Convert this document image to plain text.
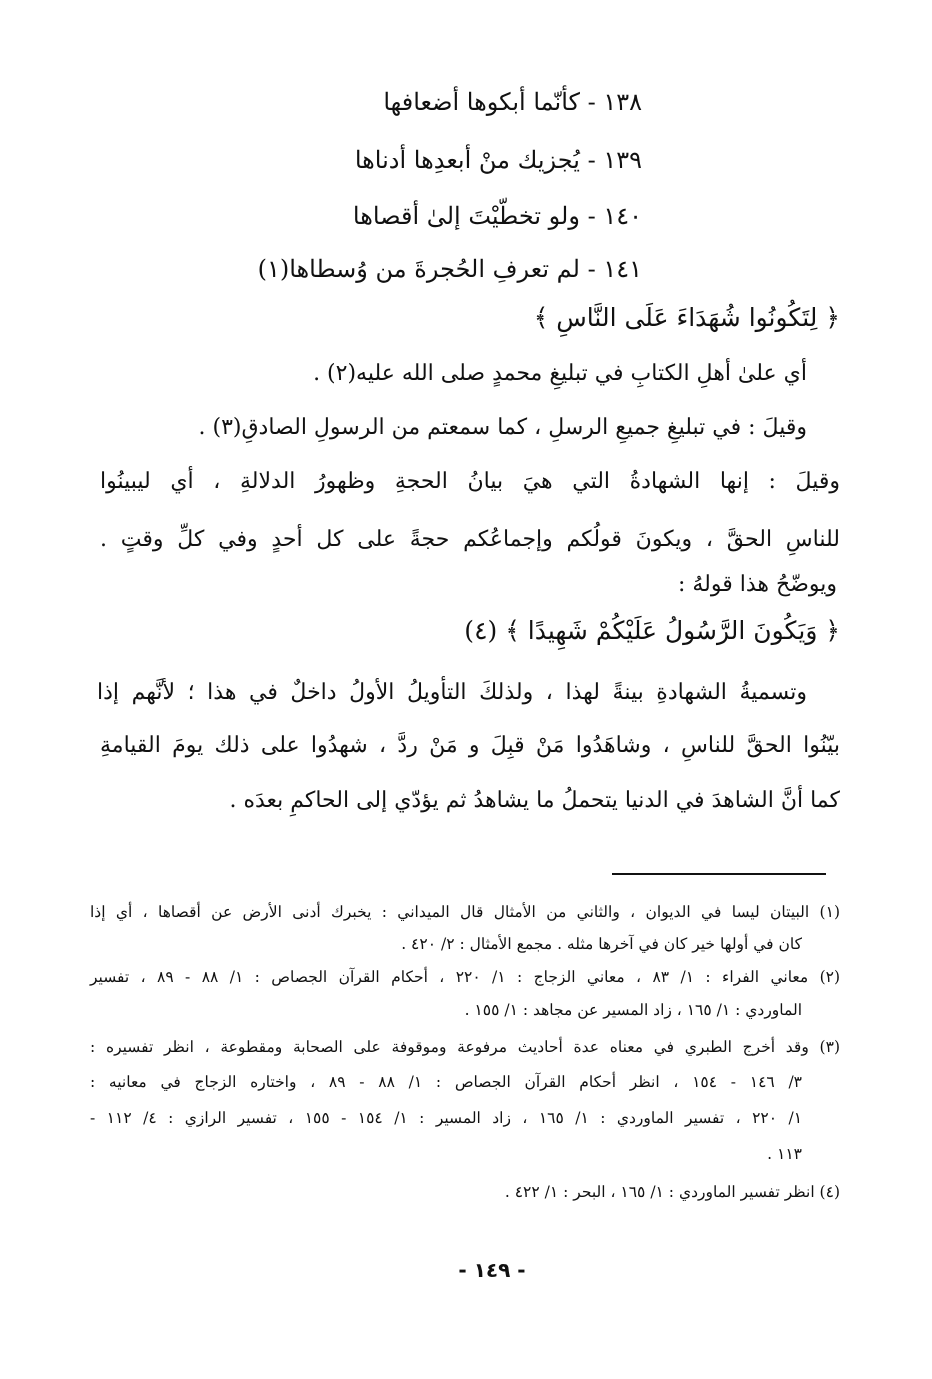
١٣٨ - كأنّما أبكوها أضعافها
١٣٩ - يُجزيك منْ أبعدِها أدناها
١٤٠ - ولو تخطّيْتَ إلىٰ أقصاها
١٤١ - لم تعرفِ الحُجرةَ من وُسطاها(١)
﴿ لِتَكُونُوا شُهَدَاءَ عَلَى النَّاسِ ﴾
أي علىٰ أهلِ الكتابِ في تبليغِ محمدٍ صلى الله عليه(٢) .
وقيلَ : في تبليغِ جميعِ الرسلِ ، كما سمعتم من الرسولِ الصادقِ(٣) .
وقيلَ : إنها الشهادةُ التي هيَ بيانُ الحجةِ وظهورُ الدلالةِ ، أي ليبينُوا
للناسِ الحقَّ ، ويكونَ قولُكم وإجماعُكم حجةً على كل أحدٍ وفي كلِّ وقتٍ .
ويوضّحُ هذا قولهُ :
﴿ وَيَكُونَ الرَّسُولُ عَلَيْكُمْ شَهِيدًا ﴾ (٤)
وتسميةُ الشهادةِ بينةً لهذا ، ولذلكَ التأويلُ الأولُ داخلٌ في هذا ؛ لأنَّهم إذا
بيّنُوا الحقَّ للناسِ ، وشاهَدُوا مَنْ قبِلَ و مَنْ ردَّ ، شهدُوا على ذلك يومَ القيامةِ
كما أنَّ الشاهدَ في الدنيا يتحملُ ما يشاهدُ ثم يؤدّي إلى الحاكمِ بعدَه .
(١) البيتان ليسا في الديوان ، والثاني من الأمثال قال الميداني : يخبرك أدنى الأرض عن أقصاها ، أي إذا
كان في أولها خير كان في آخرها مثله . مجمع الأمثال : ٢/ ٤٢٠ .
(٢) معاني الفراء : ١/ ٨٣ ، معاني الزجاج : ١/ ٢٢٠ ، أحكام القرآن الجصاص : ١/ ٨٨ - ٨٩ ، تفسير
الماوردي : ١/ ١٦٥ ، زاد المسير عن مجاهد : ١/ ١٥٥ .
(٣) وقد أخرج الطبري في معناه عدة أحاديث مرفوعة وموقوفة على الصحابة ومقطوعة ، انظر تفسيره :
٣/ ١٤٦ - ١٥٤ ، انظر أحكام القرآن الجصاص : ١/ ٨٨ - ٨٩ ، واختاره الزجاج في معانيه :
١/ ٢٢٠ ، تفسير الماوردي : ١/ ١٦٥ ، زاد المسير : ١/ ١٥٤ - ١٥٥ ، تفسير الرازي : ٤/ ١١٢ -
١١٣ .
(٤) انظر تفسير الماوردي : ١/ ١٦٥ ، البحر : ١/ ٤٢٢ .
- ١٤٩ -
